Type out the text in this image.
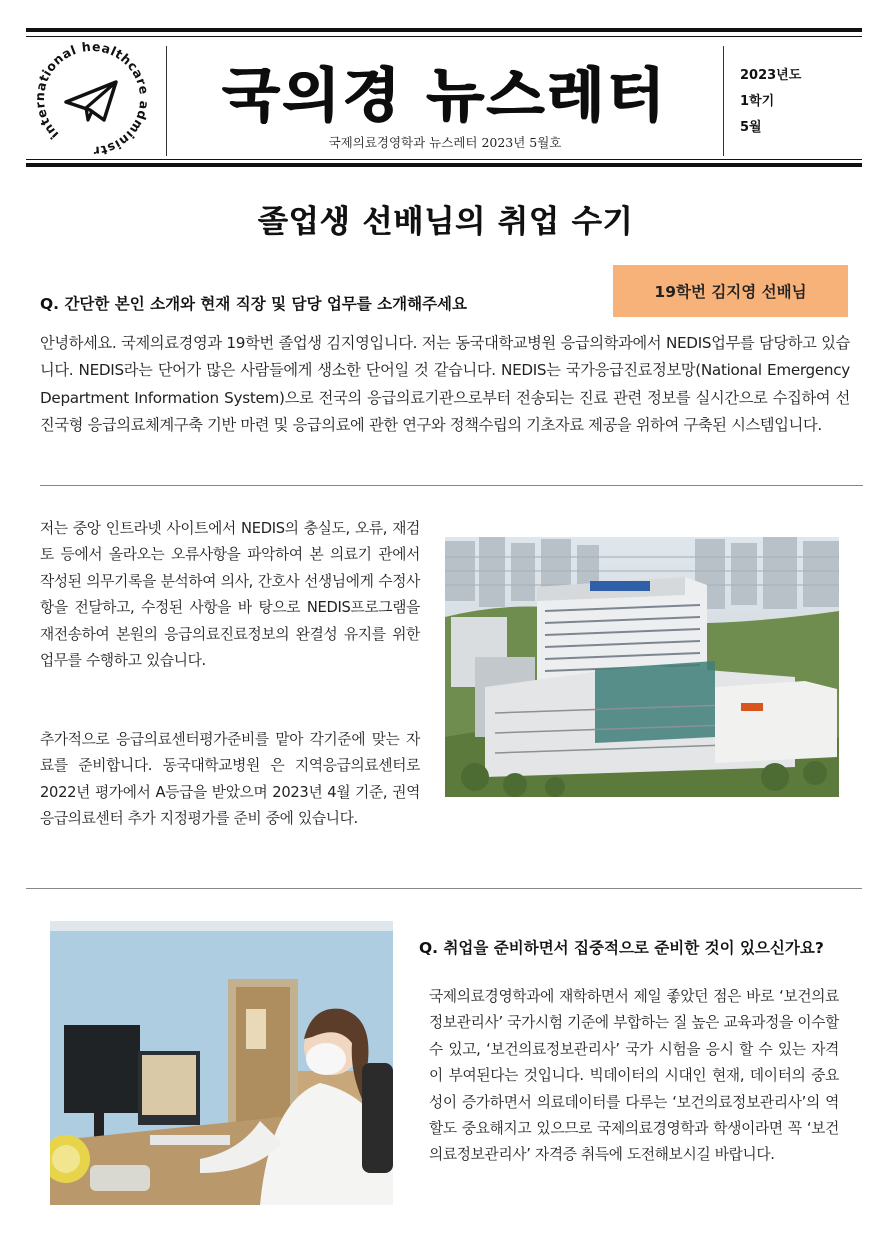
international healthcare administr
국의경 뉴스레터
국제의료경영학과 뉴스레터 2023년 5월호
2023년도
1학기
5월
졸업생 선배님의 취업 수기
19학번 김지영 선배님
Q. 간단한 본인 소개와 현재 직장 및 담당 업무를 소개해주세요

안녕하세요. 국제의료경영과 19학번 졸업생 김지영입니다. 저는 동국대학교병원 응급의학과에서 NEDIS업무를 담당하고 있습니다. NEDIS라는 단어가 많은 사람들에게 생소한 단어일 것 같습니다. NEDIS는 국가응급진료정보망(National Emergency Department Information System)으로 전국의 응급의료기관으로부터 전송되는 진료 관련 정보를 실시간으로 수집하여 선진국형 응급의료체계구축 기반 마련 및 응급의료에 관한 연구와 정책수립의 기초자료 제공을 위하여 구축된 시스템입니다.

저는 중앙 인트라넷 사이트에서 NEDIS의 충실도, 오류, 재검토 등에서 올라오는 오류사항을 파악하여 본 의료기 관에서 작성된 의무기록을 분석하여 의사, 간호사 선생님에게 수정사항을 전달하고, 수정된 사항을 바 탕으로 NEDIS프로그램을 재전송하여 본원의 응급의료진료정보의 완결성 유지를 위한 업무를 수행하고 있습니다.

추가적으로 응급의료센터평가준비를 맡아 각기준에 맞는 자료를 준비합니다. 동국대학교병원 은 지역응급의료센터로 2022년 평가에서 A등급을 받았으며 2023년 4월 기준, 권역응급의료센터 추가 지정평가를 준비 중에 있습니다.

Q. 취업을 준비하면서 집중적으로 준비한 것이 있으신가요?

국제의료경영학과에 재학하면서 제일 좋았던 점은 바로 ‘보건의료정보관리사’ 국가시험 기준에 부합하는 질 높은 교육과정을 이수할 수 있고, ‘보건의료정보관리사’ 국가 시험을 응시 할 수 있는 자격이 부여된다는 것입니다. 빅데이터의 시대인 현재, 데이터의 중요성이 증가하면서 의료데이터를 다루는 ‘보건의료정보관리사’의 역할도 중요해지고 있으므로 국제의료경영학과 학생이라면 꼭 ‘보건의료정보관리사’ 자격증 취득에 도전해보시길 바랍니다.
